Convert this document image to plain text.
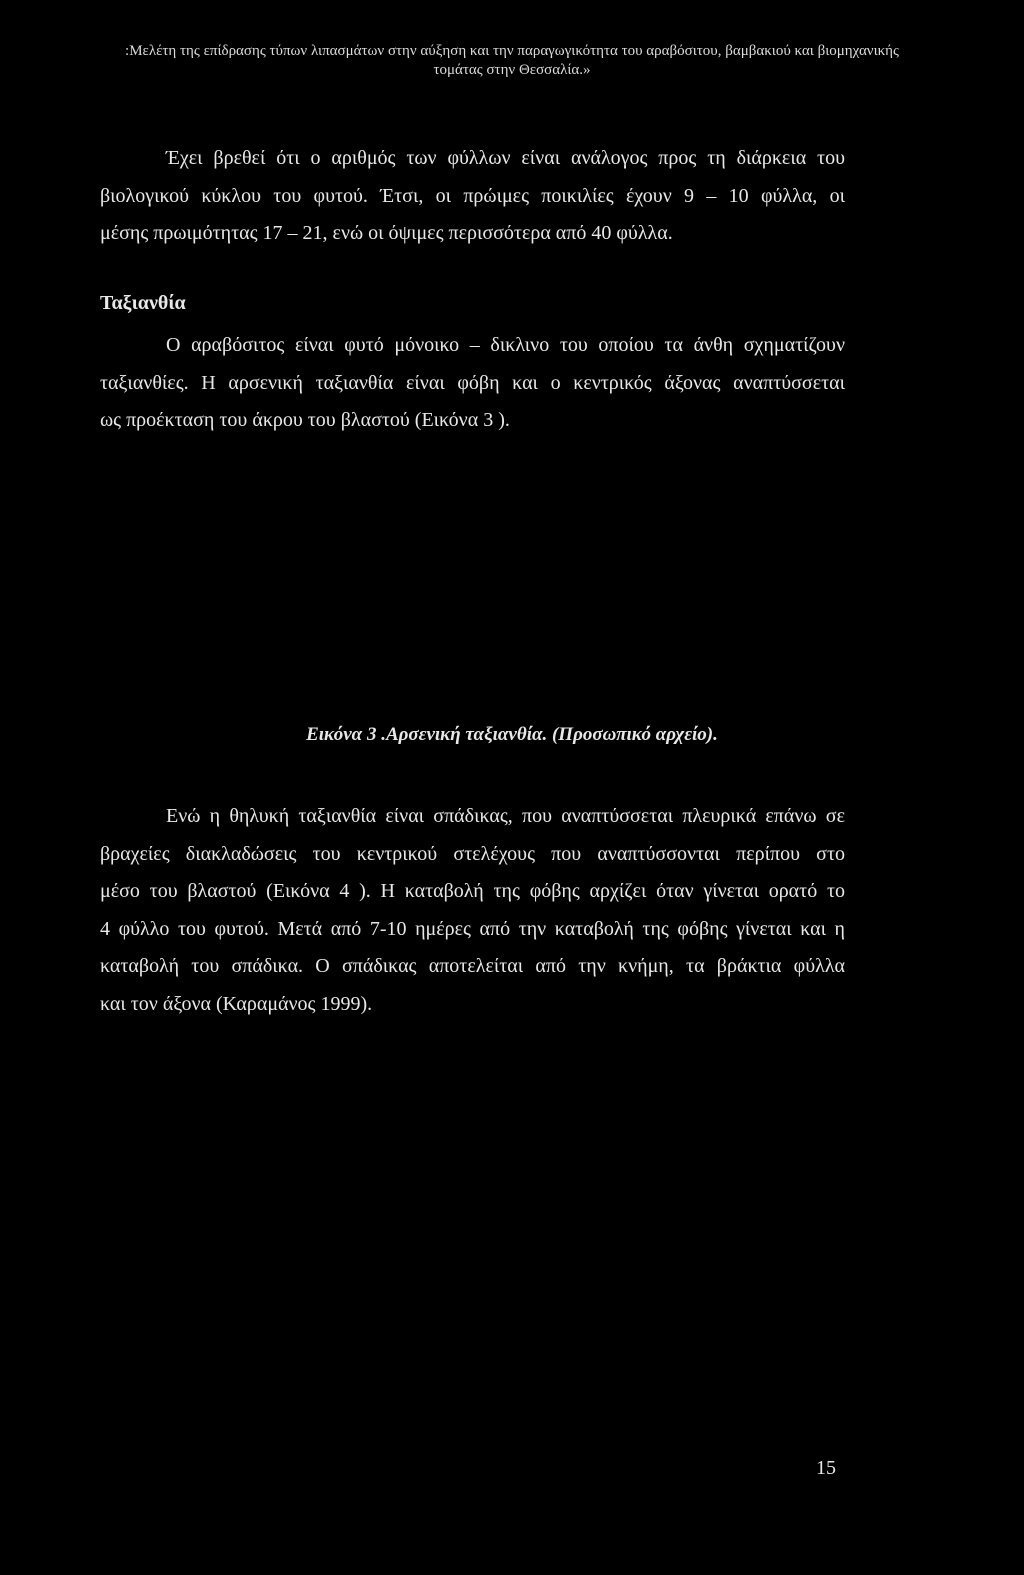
:Μελέτη της επίδρασης τύπων λιπασμάτων στην αύξηση και την παραγωγικότητα του αραβόσιτου, βαμβακιού και βιομηχανικής
τομάτας στην Θεσσαλία.»
Έχει βρεθεί ότι ο αριθμός των φύλλων είναι ανάλογος προς τη διάρκεια του
βιολογικού κύκλου του φυτού. Έτσι, οι πρώιμες ποικιλίες έχουν 9 – 10 φύλλα, οι
μέσης πρωιμότητας 17 – 21, ενώ οι όψιμες περισσότερα από 40 φύλλα.
Ταξιανθία
Ο αραβόσιτος είναι φυτό μόνοικο – δικλινο του οποίου τα άνθη σχηματίζουν
ταξιανθίες. Η αρσενική ταξιανθία είναι φόβη και ο κεντρικός άξονας αναπτύσσεται
ως προέκταση του άκρου του βλαστού (Εικόνα 3 ).

Εικόνα 3 .Αρσενική ταξιανθία. (Προσωπικό αρχείο).

Ενώ η θηλυκή ταξιανθία είναι σπάδικας, που αναπτύσσεται πλευρικά επάνω σε
βραχείες διακλαδώσεις του κεντρικού στελέχους που αναπτύσσονται περίπου στο
μέσο του βλαστού (Εικόνα 4 ). Η καταβολή της φόβης αρχίζει όταν γίνεται ορατό το
4 φύλλο του φυτού. Μετά από 7-10 ημέρες από την καταβολή της φόβης γίνεται και η
καταβολή του σπάδικα. Ο σπάδικας αποτελείται από την κνήμη, τα βράκτια φύλλα
και τον άξονα (Καραμάνος 1999).
15
